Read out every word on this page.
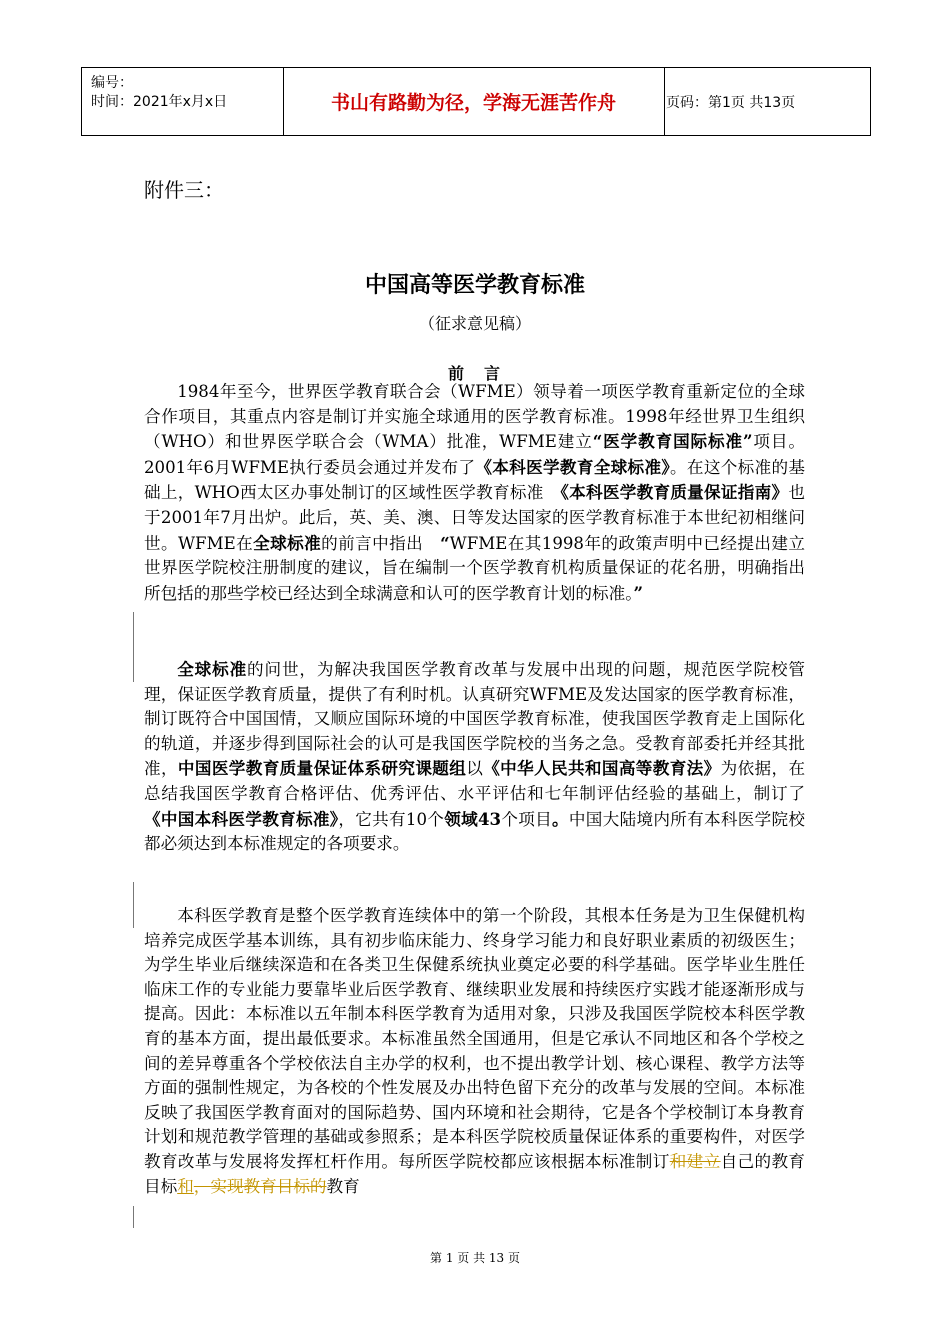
编号：
时间：2021年x月x日	书山有路勤为径，学海无涯苦作舟	页码：第1页 共13页
附件三：
中国高等医学教育标准
（征求意见稿）
前　言
1984年至今，世界医学教育联合会（WFME）领导着一项医学教育重新定位的全球合作项目，其重点内容是制订并实施全球通用的医学教育标准。1998年经世界卫生组织（WHO）和世界医学联合会（WMA）批准，WFME建立“医学教育国际标准”项目。2001年6月WFME执行委员会通过并发布了《本科医学教育全球标准》。在这个标准的基础上，WHO西太区办事处制订的区域性医学教育标准　《本科医学教育质量保证指南》也于2001年7月出炉。此后，英、美、澳、日等发达国家的医学教育标准于本世纪初相继问世。WFME在全球标准的前言中指出　“WFME在其1998年的政策声明中已经提出建立世界医学院校注册制度的建议，旨在编制一个医学教育机构质量保证的花名册，明确指出所包括的那些学校已经达到全球满意和认可的医学教育计划的标准。”
全球标准的问世，为解决我国医学教育改革与发展中出现的问题，规范医学院校管理，保证医学教育质量，提供了有利时机。认真研究WFME及发达国家的医学教育标准，制订既符合中国国情，又顺应国际环境的中国医学教育标准，使我国医学教育走上国际化的轨道，并逐步得到国际社会的认可是我国医学院校的当务之急。受教育部委托并经其批准，中国医学教育质量保证体系研究课题组以《中华人民共和国高等教育法》为依据，在总结我国医学教育合格评估、优秀评估、水平评估和七年制评估经验的基础上，制订了《中国本科医学教育标准》，它共有10个领域43个项目。中国大陆境内所有本科医学院校都必须达到本标准规定的各项要求。
本科医学教育是整个医学教育连续体中的第一个阶段，其根本任务是为卫生保健机构培养完成医学基本训练，具有初步临床能力、终身学习能力和良好职业素质的初级医生；为学生毕业后继续深造和在各类卫生保健系统执业奠定必要的科学基础。医学毕业生胜任临床工作的专业能力要靠毕业后医学教育、继续职业发展和持续医疗实践才能逐渐形成与提高。因此：本标准以五年制本科医学教育为适用对象，只涉及我国医学院校本科医学教育的基本方面，提出最低要求。本标准虽然全国通用，但是它承认不同地区和各个学校之间的差异尊重各个学校依法自主办学的权利，也不提出教学计划、核心课程、教学方法等方面的强制性规定，为各校的个性发展及办出特色留下充分的改革与发展的空间。本标准反映了我国医学教育面对的国际趋势、国内环境和社会期待，它是各个学校制订本身教育计划和规范教学管理的基础或参照系；是本科医学院校质量保证体系的重要构件，对医学教育改革与发展将发挥杠杆作用。每所医学院校都应该根据本标准制订和建立自己的教育目标和，实现教育目标的教育
第 1 页 共 13 页
